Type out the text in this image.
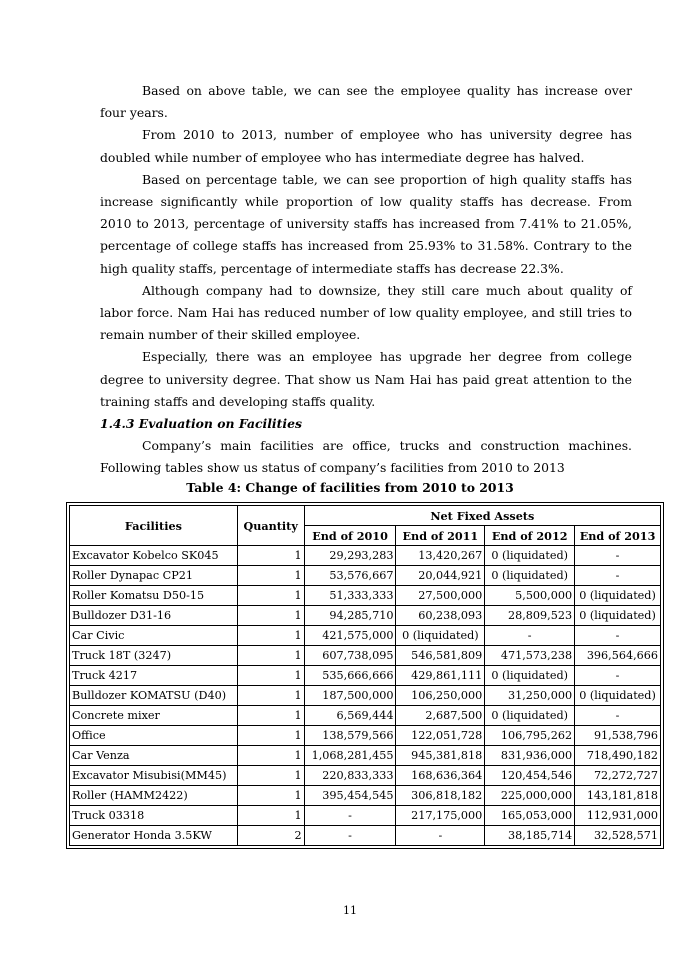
Based on above table, we can see the employee quality has increase over four years.

From 2010 to 2013, number of employee who has university degree has doubled while number of employee who has intermediate degree has halved.

Based on percentage table, we can see proportion of high quality staffs has increase significantly while proportion of low quality staffs has decrease. From 2010 to 2013, percentage of university staffs has increased from 7.41% to 21.05%, percentage of college staffs has increased from 25.93% to 31.58%. Contrary to the high quality staffs, percentage of intermediate staffs has decrease 22.3%.

Although company had to downsize, they still care much about quality of labor force. Nam Hai has reduced number of low quality employee, and still tries to remain number of their skilled employee.

Especially, there was an employee has upgrade her degree from college degree to university degree. That show us Nam Hai has paid great attention to the training staffs and developing staffs quality.

1.4.3 Evaluation on Facilities

Company’s main facilities are office, trucks and construction machines. Following tables show us status of company’s facilities from 2010 to 2013

Table 4: Change of facilities from 2010 to 2013
Facilities	Quantity	Net Fixed Assets			
		End of 2010	End of 2011	End of 2012	End of 2013
Excavator Kobelco SK045	1	29,293,283	13,420,267	0 (liquidated)	-
Roller Dynapac CP21	1	53,576,667	20,044,921	0 (liquidated)	-
Roller Komatsu D50-15	1	51,333,333	27,500,000	5,500,000	0 (liquidated)
Bulldozer D31-16	1	94,285,710	60,238,093	28,809,523	0 (liquidated)
Car Civic	1	421,575,000	0 (liquidated)	-	-
Truck 18T (3247)	1	607,738,095	546,581,809	471,573,238	396,564,666
Truck 4217	1	535,666,666	429,861,111	0 (liquidated)	-
Bulldozer KOMATSU (D40)	1	187,500,000	106,250,000	31,250,000	0 (liquidated)
Concrete mixer	1	6,569,444	2,687,500	0 (liquidated)	-
Office	1	138,579,566	122,051,728	106,795,262	91,538,796
Car Venza	1	1,068,281,455	945,381,818	831,936,000	718,490,182
Excavator Misubisi(MM45)	1	220,833,333	168,636,364	120,454,546	72,272,727
Roller (HAMM2422)	1	395,454,545	306,818,182	225,000,000	143,181,818
Truck 03318	1	-	217,175,000	165,053,000	112,931,000
Generator Honda 3.5KW	2	-	-	38,185,714	32,528,571
11
